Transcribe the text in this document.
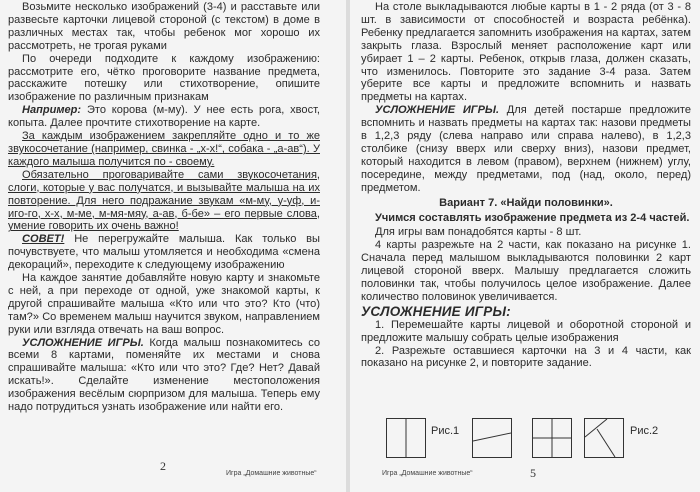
Возьмите несколько изображений (3-4) и расставьте или развесьте карточки лицевой стороной (с текстом) в доме в различных местах так, чтобы ребенок мог хорошо их рассмотреть, не трогая руками

По очереди подходите к каждому изображению: рассмотрите его, чётко проговорите название предмета, расскажите потешку или стихотворение, опишите изображение по различным признакам

Например: Это корова (м-му). У нее есть рога, хвост, копыта. Далее прочтите стихотворение на карте.

За каждым изображением закрепляйте одно и то же звукосочетание (например, свинка - „х-х!“, собака - „а-ав“). У каждого малыша получится по - своему.

Обязательно проговаривайте сами звукосочетания, слоги, которые у вас получатся, и вызывайте малыша на их повторение. Для него подражание звукам «м-му, у-уф, и-иго-го, х-х, м-ме, м-мя-мяу, а-ав, б-бе» – его первые слова, умение говорить их очень важно!

СОВЕТ! Не перегружайте малыша. Как только вы почувствуете, что малыш утомляется и необходима «смена декораций», переходите к следующему изображению

На каждое занятие добавляйте новую карту и знакомьте с ней, а при переходе от одной, уже знакомой карты, к другой спрашивайте малыша «Кто или что это? Кто (что) там?» Со временем малыш научится звуком, направлением руки или взгляда отвечать на ваш вопрос.

УСЛОЖНЕНИЕ ИГРЫ. Когда малыш познакомитесь со всеми 8 картами, поменяйте их местами и снова спрашивайте малыша: «Кто или что это? Где? Нет? Давай искать!». Сделайте изменение местоположения изображения весёлым сюрпризом для малыша. Теперь ему надо потрудиться узнать изображение или найти его.

2
Игра „Домашние животные“

На столе выкладываются любые карты в 1 - 2 ряда (от 3 - 8 шт. в зависимости от способностей и возраста ребёнка). Ребенку предлагается запомнить изображения на картах, затем закрыть глаза. Взрослый меняет расположение карт или убирает 1 – 2 карты. Ребенок, открыв глаза, должен сказать, что изменилось. Повторите это задание 3-4 раза. Затем уберите все карты и предложите вспомнить и назвать предметы на картах.

УСЛОЖНЕНИЕ ИГРЫ. Для детей постарше предложите вспомнить и назвать предметы на картах так: назови предметы в 1,2,3 ряду (слева направо или справа налево), в 1,2,3 столбике (снизу вверх или сверху вниз), назови предмет, который находится в левом (правом), верхнем (нижнем) углу, посередине, между предметами, под (над, около, перед) предметом.

Вариант 7. «Найди половинки».

Учимся составлять изображение предмета из 2-4 частей.

Для игры вам понадобятся карты - 8 шт.

4 карты разрежьте на 2 части, как показано на рисунке 1. Сначала перед малышом выкладываются половинки 2 карт лицевой стороной вверх. Малышу предлагается сложить половинки так, чтобы получилось целое изображение. Далее количество половинок увеличивается.

УСЛОЖНЕНИЕ ИГРЫ:

1. Перемешайте карты лицевой и оборотной стороной и предложите малышу собрать целые изображения

2. Разрежьте оставшиеся карточки на 3 и 4 части, как показано на рисунке 2, и повторите задание.

Рис.1	Рис.2
Игра „Домашние животные“	5
